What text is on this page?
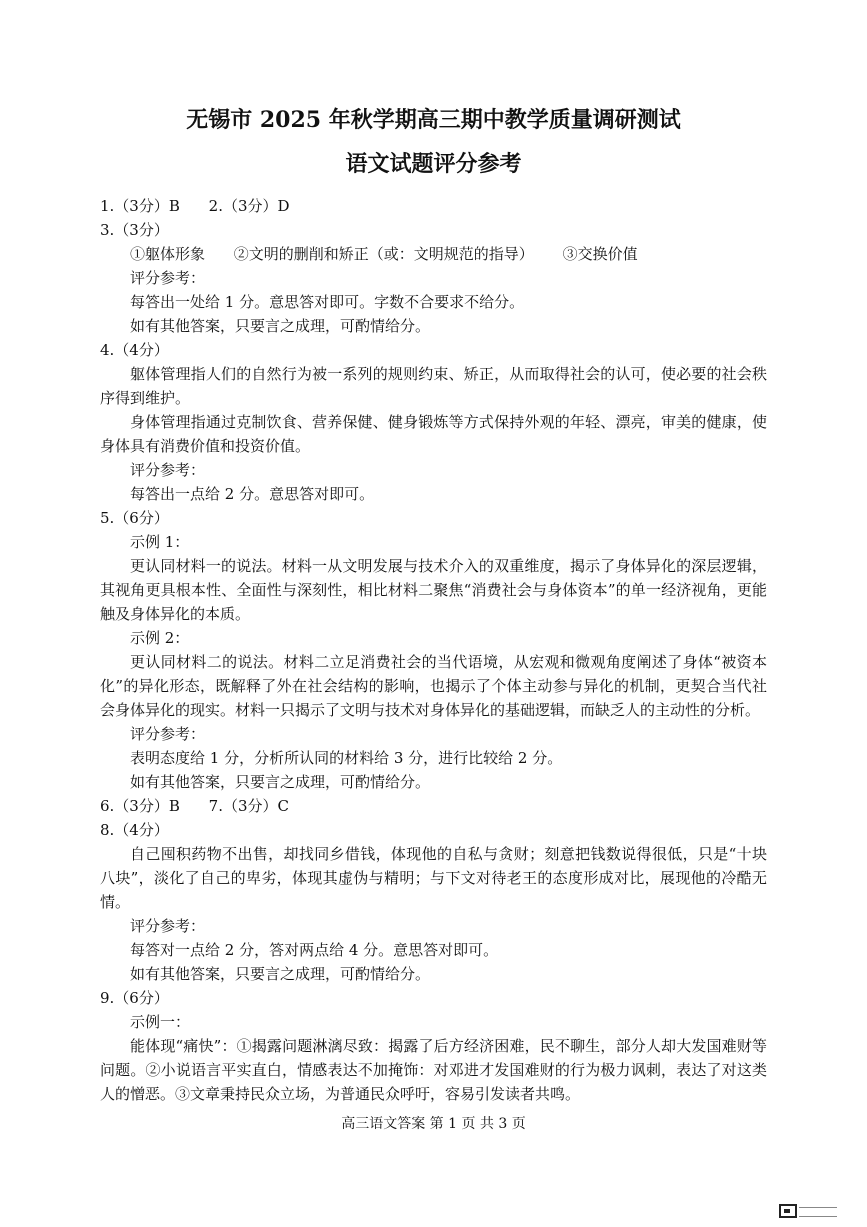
无锡市 2025 年秋学期高三期中教学质量调研测试
语文试题评分参考
1.（3分）B 2.（3分）D
3.（3分）
①躯体形象 ②文明的删削和矫正（或：文明规范的指导） ③交换价值
评分参考：
每答出一处给 1 分。意思答对即可。字数不合要求不给分。
如有其他答案，只要言之成理，可酌情给分。
4.（4分）

躯体管理指人们的自然行为被一系列的规则约束、矫正，从而取得社会的认可，使必要的社会秩序得到维护。

身体管理指通过克制饮食、营养保健、健身锻炼等方式保持外观的年轻、漂亮，审美的健康，使身体具有消费价值和投资价值。

评分参考：
每答出一点给 2 分。意思答对即可。
5.（6分）
示例 1：

更认同材料一的说法。材料一从文明发展与技术介入的双重维度，揭示了身体异化的深层逻辑，其视角更具根本性、全面性与深刻性，相比材料二聚焦“消费社会与身体资本”的单一经济视角，更能触及身体异化的本质。

示例 2：

更认同材料二的说法。材料二立足消费社会的当代语境，从宏观和微观角度阐述了身体“被资本化”的异化形态，既解释了外在社会结构的影响，也揭示了个体主动参与异化的机制，更契合当代社会身体异化的现实。材料一只揭示了文明与技术对身体异化的基础逻辑，而缺乏人的主动性的分析。

评分参考：
表明态度给 1 分，分析所认同的材料给 3 分，进行比较给 2 分。
如有其他答案，只要言之成理，可酌情给分。
6.（3分）B 7.（3分）C
8.（4分）

自己囤积药物不出售，却找同乡借钱，体现他的自私与贪财；刻意把钱数说得很低，只是“十块八块”，淡化了自己的卑劣，体现其虚伪与精明；与下文对待老王的态度形成对比，展现他的冷酷无情。

评分参考：
每答对一点给 2 分，答对两点给 4 分。意思答对即可。
如有其他答案，只要言之成理，可酌情给分。
9.（6分）
示例一：

能体现“痛快”：①揭露问题淋漓尽致：揭露了后方经济困难，民不聊生，部分人却大发国难财等问题。②小说语言平实直白，情感表达不加掩饰：对邓进才发国难财的行为极力讽刺，表达了对这类人的憎恶。③文章秉持民众立场，为普通民众呼吁，容易引发读者共鸣。

高三语文答案 第 1 页 共 3 页
